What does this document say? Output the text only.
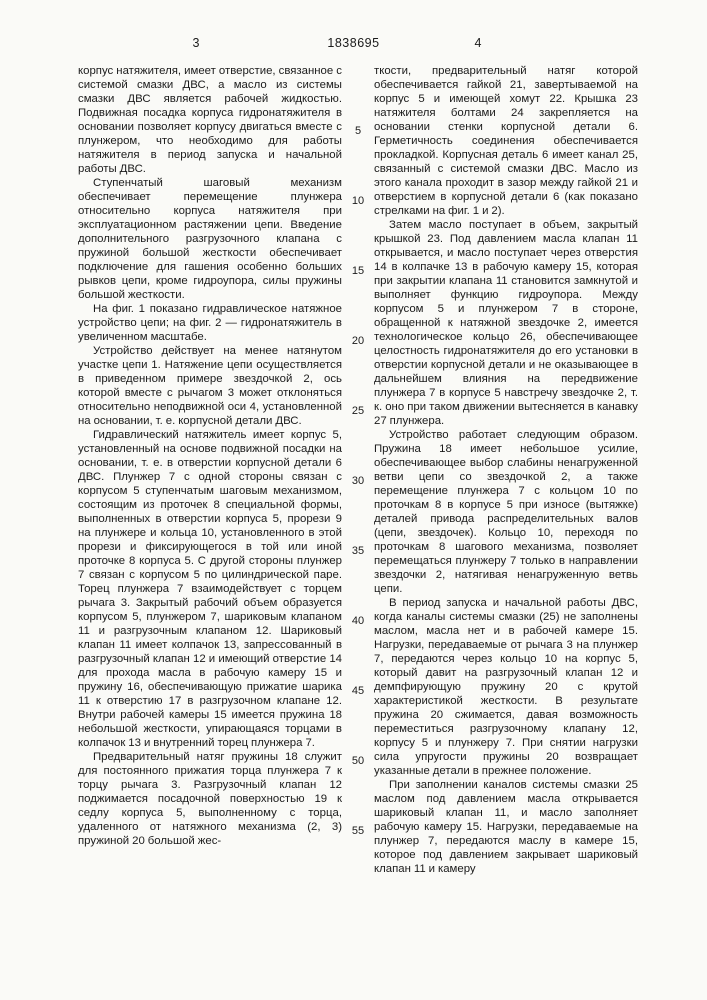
3	1838695	4

корпус натяжителя, имеет отверстие, связанное с системой смазки ДВС, а масло из системы смазки ДВС является рабочей жидкостью. Подвижная посадка корпуса гидронатяжителя в основании позволяет корпусу двигаться вместе с плунжером, что необходимо для работы натяжителя в период запуска и начальной работы ДВС.

Ступенчатый шаговый механизм обеспечивает перемещение плунжера относительно корпуса натяжителя при эксплуатационном растяжении цепи. Введение дополнительного разгрузочного клапана с пружиной большой жесткости обеспечивает подключение для гашения особенно больших рывков цепи, кроме гидроупора, силы пружины большой жесткости.

На фиг. 1 показано гидравлическое натяжное устройство цепи; на фиг. 2 — гидронатяжитель в увеличенном масштабе.

Устройство действует на менее натянутом участке цепи 1. Натяжение цепи осуществляется в приведенном примере звездочкой 2, ось которой вместе с рычагом 3 может отклоняться относительно неподвижной оси 4, установленной на основании, т. е. корпусной детали ДВС.

Гидравлический натяжитель имеет корпус 5, установленный на основе подвижной посадки на основании, т. е. в отверстии корпусной детали 6 ДВС. Плунжер 7 с одной стороны связан с корпусом 5 ступенчатым шаговым механизмом, состоящим из проточек 8 специальной формы, выполненных в отверстии корпуса 5, прорези 9 на плунжере и кольца 10, установленного в этой прорези и фиксирующегося в той или иной проточке 8 корпуса 5. С другой стороны плунжер 7 связан с корпусом 5 по цилиндрической паре. Торец плунжера 7 взаимодействует с торцем рычага 3. Закрытый рабочий объем образуется корпусом 5, плунжером 7, шариковым клапаном 11 и разгрузочным клапаном 12. Шариковый клапан 11 имеет колпачок 13, запрессованный в разгрузочный клапан 12 и имеющий отверстие 14 для прохода масла в рабочую камеру 15 и пружину 16, обеспечивающую прижатие шарика 11 к отверстию 17 в разгрузочном клапане 12. Внутри рабочей камеры 15 имеется пружина 18 небольшой жесткости, упирающаяся торцами в колпачок 13 и внутренний торец плунжера 7.

Предварительный натяг пружины 18 служит для постоянного прижатия торца плунжера 7 к торцу рычага 3. Разгрузочный клапан 12 поджимается посадочной поверхностью 19 к седлу корпуса 5, выполненному с торца, удаленного от натяжного механизма (2, 3) пружиной 20 большой жес-

5
10
15
20
25
30
35
40
45
50
55

ткости, предварительный натяг которой обеспечивается гайкой 21, завертываемой на корпус 5 и имеющей хомут 22. Крышка 23 натяжителя болтами 24 закрепляется на основании стенки корпусной детали 6. Герметичность соединения обеспечивается прокладкой. Корпусная деталь 6 имеет канал 25, связанный с системой смазки ДВС. Масло из этого канала проходит в зазор между гайкой 21 и отверстием в корпусной детали 6 (как показано стрелками на фиг. 1 и 2).

Затем масло поступает в объем, закрытый крышкой 23. Под давлением масла клапан 11 открывается, и масло поступает через отверстия 14 в колпачке 13 в рабочую камеру 15, которая при закрытии клапана 11 становится замкнутой и выполняет функцию гидроупора. Между корпусом 5 и плунжером 7 в стороне, обращенной к натяжной звездочке 2, имеется технологическое кольцо 26, обеспечивающее целостность гидронатяжителя до его установки в отверстии корпусной детали и не оказывающее в дальнейшем влияния на передвижение плунжера 7 в корпусе 5 навстречу звездочке 2, т. к. оно при таком движении вытесняется в канавку 27 плунжера.

Устройство работает следующим образом. Пружина 18 имеет небольшое усилие, обеспечивающее выбор слабины ненагруженной ветви цепи со звездочкой 2, а также перемещение плунжера 7 с кольцом 10 по проточкам 8 в корпусе 5 при износе (вытяжке) деталей привода распределительных валов (цепи, звездочек). Кольцо 10, переходя по проточкам 8 шагового механизма, позволяет перемещаться плунжеру 7 только в направлении звездочки 2, натягивая ненагруженную ветвь цепи.

В период запуска и начальной работы ДВС, когда каналы системы смазки (25) не заполнены маслом, масла нет и в рабочей камере 15. Нагрузки, передаваемые от рычага 3 на плунжер 7, передаются через кольцо 10 на корпус 5, который давит на разгрузочный клапан 12 и демпфирующую пружину 20 с крутой характеристикой жесткости. В результате пружина 20 сжимается, давая возможность переместиться разгрузочному клапану 12, корпусу 5 и плунжеру 7. При снятии нагрузки сила упругости пружины 20 возвращает указанные детали в прежнее положение.

При заполнении каналов системы смазки 25 маслом под давлением масла открывается шариковый клапан 11, и масло заполняет рабочую камеру 15. Нагрузки, передаваемые на плунжер 7, передаются маслу в камере 15, которое под давлением закрывает шариковый клапан 11 и камеру
